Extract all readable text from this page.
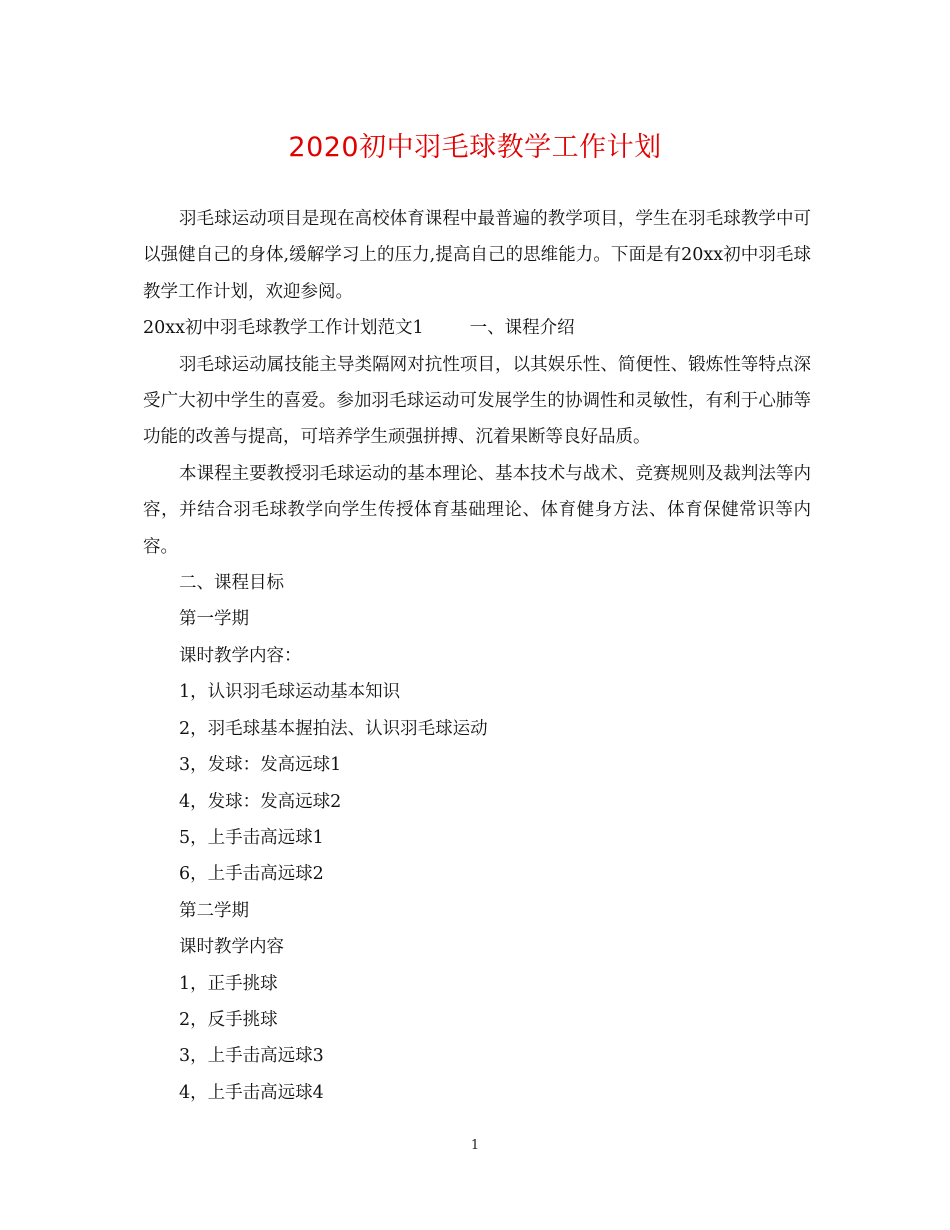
2020初中羽毛球教学工作计划

羽毛球运动项目是现在高校体育课程中最普遍的教学项目，学生在羽毛球教学中可以强健自己的身体,缓解学习上的压力,提高自己的思维能力。下面是有20xx初中羽毛球教学工作计划，欢迎参阅。

20xx初中羽毛球教学工作计划范文1	一、课程介绍

羽毛球运动属技能主导类隔网对抗性项目，以其娱乐性、简便性、锻炼性等特点深受广大初中学生的喜爱。参加羽毛球运动可发展学生的协调性和灵敏性，有利于心肺等功能的改善与提高，可培养学生顽强拼搏、沉着果断等良好品质。

本课程主要教授羽毛球运动的基本理论、基本技术与战术、竞赛规则及裁判法等内容，并结合羽毛球教学向学生传授体育基础理论、体育健身方法、体育保健常识等内容。

二、课程目标

第一学期

课时教学内容：

1，认识羽毛球运动基本知识

2，羽毛球基本握拍法、认识羽毛球运动

3，发球：发高远球1

4，发球：发高远球2

5，上手击高远球1

6，上手击高远球2

第二学期

课时教学内容

1，正手挑球

2，反手挑球

3，上手击高远球3

4，上手击高远球4

1
